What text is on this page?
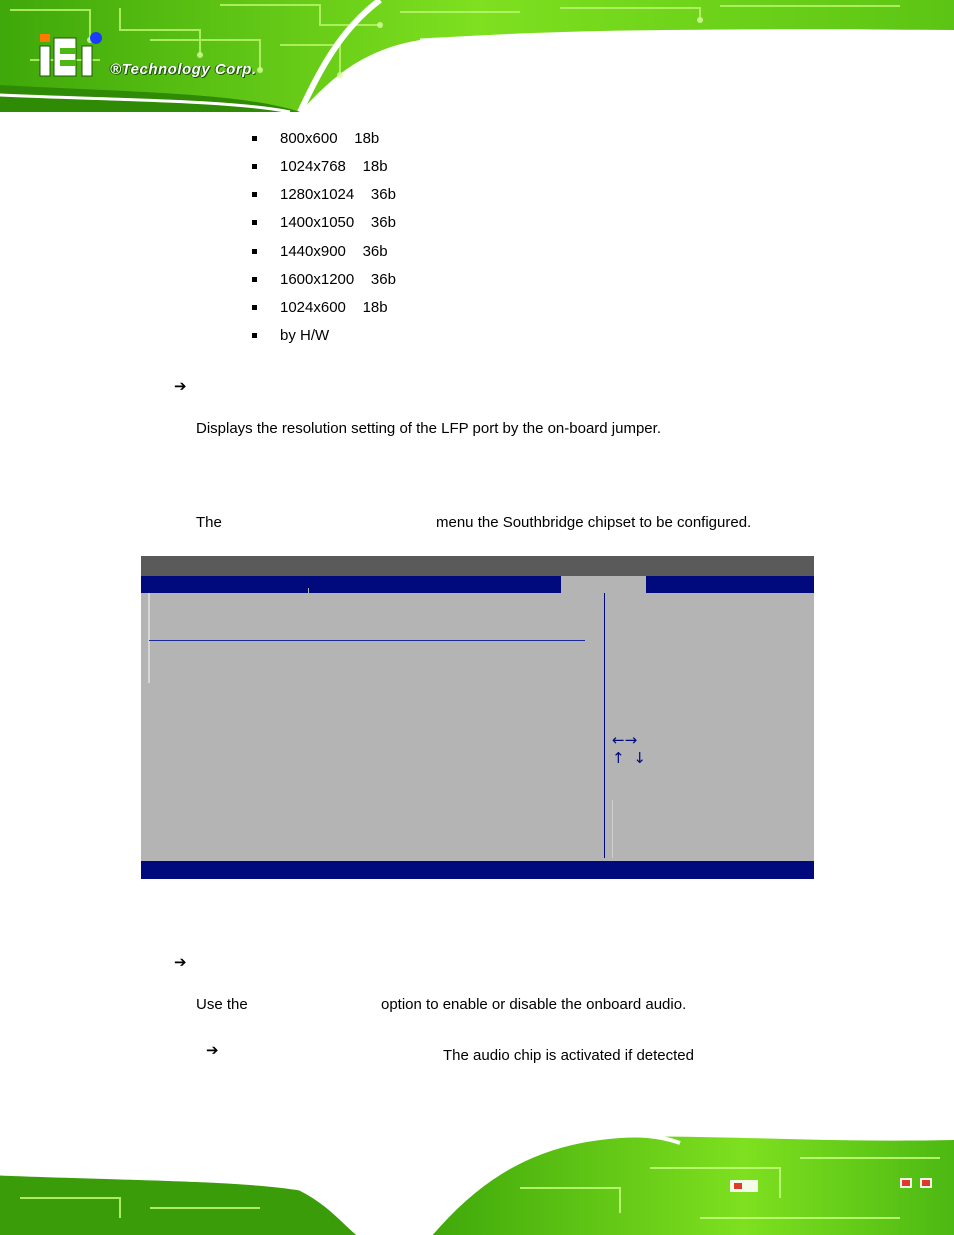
®Technology Corp.

800x600 18b

1024x768 18b

1280x1024 36b

1400x1050 36b

1440x900 36b

1600x1200 36b

1024x600 18b

by H/W

➔
Displays the resolution setting of the LFP port by the on-board jumper.
The	menu the Southbridge chipset to be configured.
←→
↑ ↓
➔
Use the	option to enable or disable the onboard audio.
➔	The audio chip is activated if detected
